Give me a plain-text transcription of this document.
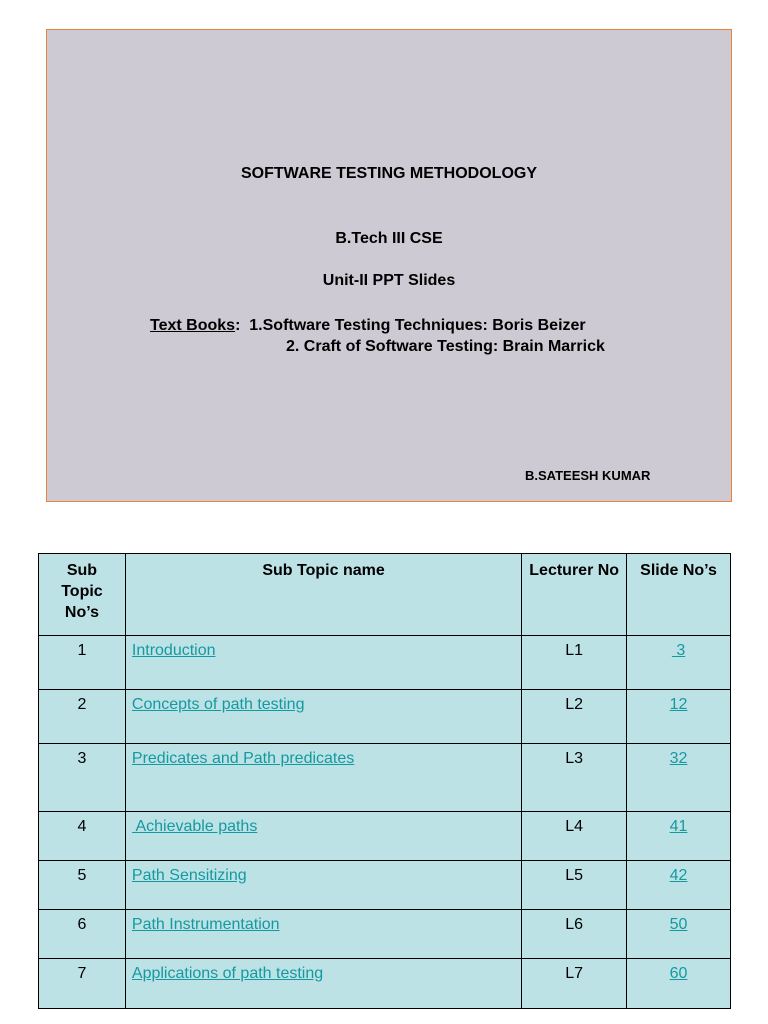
SOFTWARE TESTING METHODOLOGY
B.Tech III CSE
Unit-II PPT Slides
Text Books:  1.Software Testing Techniques: Boris Beizer
2. Craft of Software Testing: Brain Marrick
B.SATEESH KUMAR
Sub Topic No’s	Sub Topic name	Lecturer No	Slide No’s
1	Introduction	L1	3
2	Concepts of path testing	L2	12
3	Predicates and Path predicates	L3	32
4	Achievable paths	L4	41
5	Path Sensitizing	L5	42
6	Path Instrumentation	L6	50
7	Applications of path testing	L7	60
